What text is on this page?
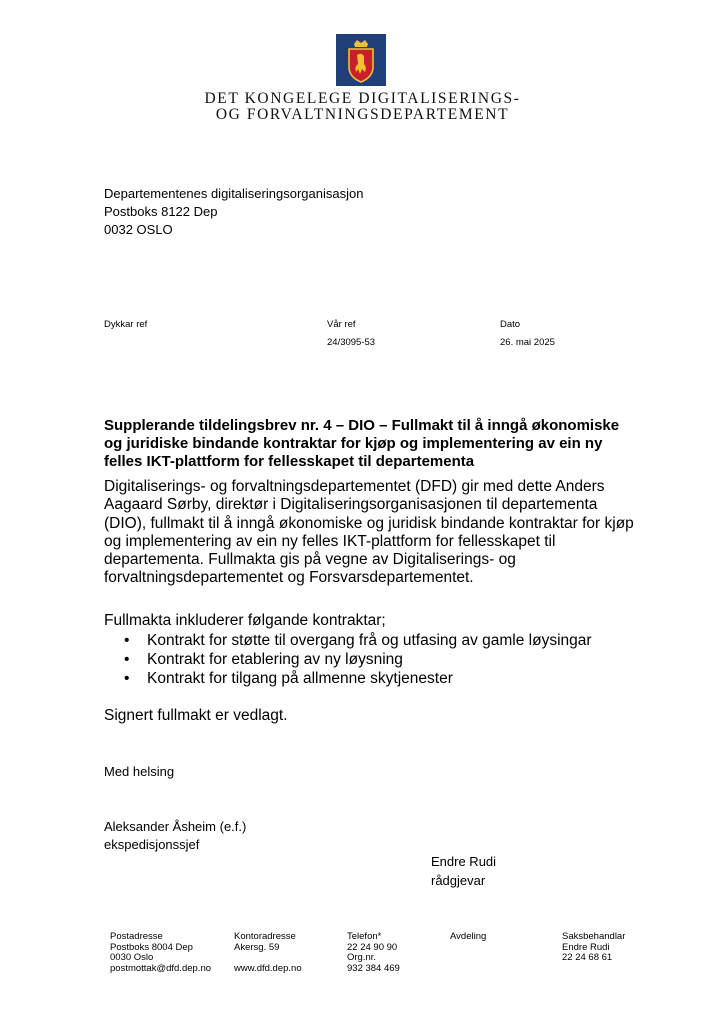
DET KONGELEGE DIGITALISERINGS-
OG FORVALTNINGSDEPARTEMENT
Departementenes digitaliseringsorganisasjon
Postboks 8122 Dep
0032 OSLO
Dykkar ref	Vår ref
24/3095-53
Dato
26. mai 2025
Supplerande tildelingsbrev nr. 4 – DIO – Fullmakt til å inngå økonomiske
og juridiske bindande kontraktar for kjøp og implementering av ein ny
felles IKT-plattform for fellesskapet til departementa
Digitaliserings- og forvaltningsdepartementet (DFD) gir med dette Anders
Aagaard Sørby, direktør i Digitaliseringsorganisasjonen til departementa
(DIO), fullmakt til å inngå økonomiske og juridisk bindande kontraktar for kjøp
og implementering av ein ny felles IKT-plattform for fellesskapet til
departementa. Fullmakta gis på vegne av Digitaliserings- og
forvaltningsdepartementet og Forsvarsdepartementet.
Fullmakta inkluderer følgande kontraktar;
• Kontrakt for støtte til overgang frå og utfasing av gamle løysingar
• Kontrakt for etablering av ny løysning
• Kontrakt for tilgang på allmenne skytjenester
Signert fullmakt er vedlagt.
Med helsing
Aleksander Åsheim (e.f.)
ekspedisjonssjef
Endre Rudi
rådgjevar
Postadresse
Postboks 8004 Dep
0030 Oslo
postmottak@dfd.dep.no
Kontoradresse
Akersg. 59

www.dfd.dep.no
Telefon*
22 24 90 90
Org.nr.
932 384 469
Avdeling	Saksbehandlar
Endre Rudi
22 24 68 61
